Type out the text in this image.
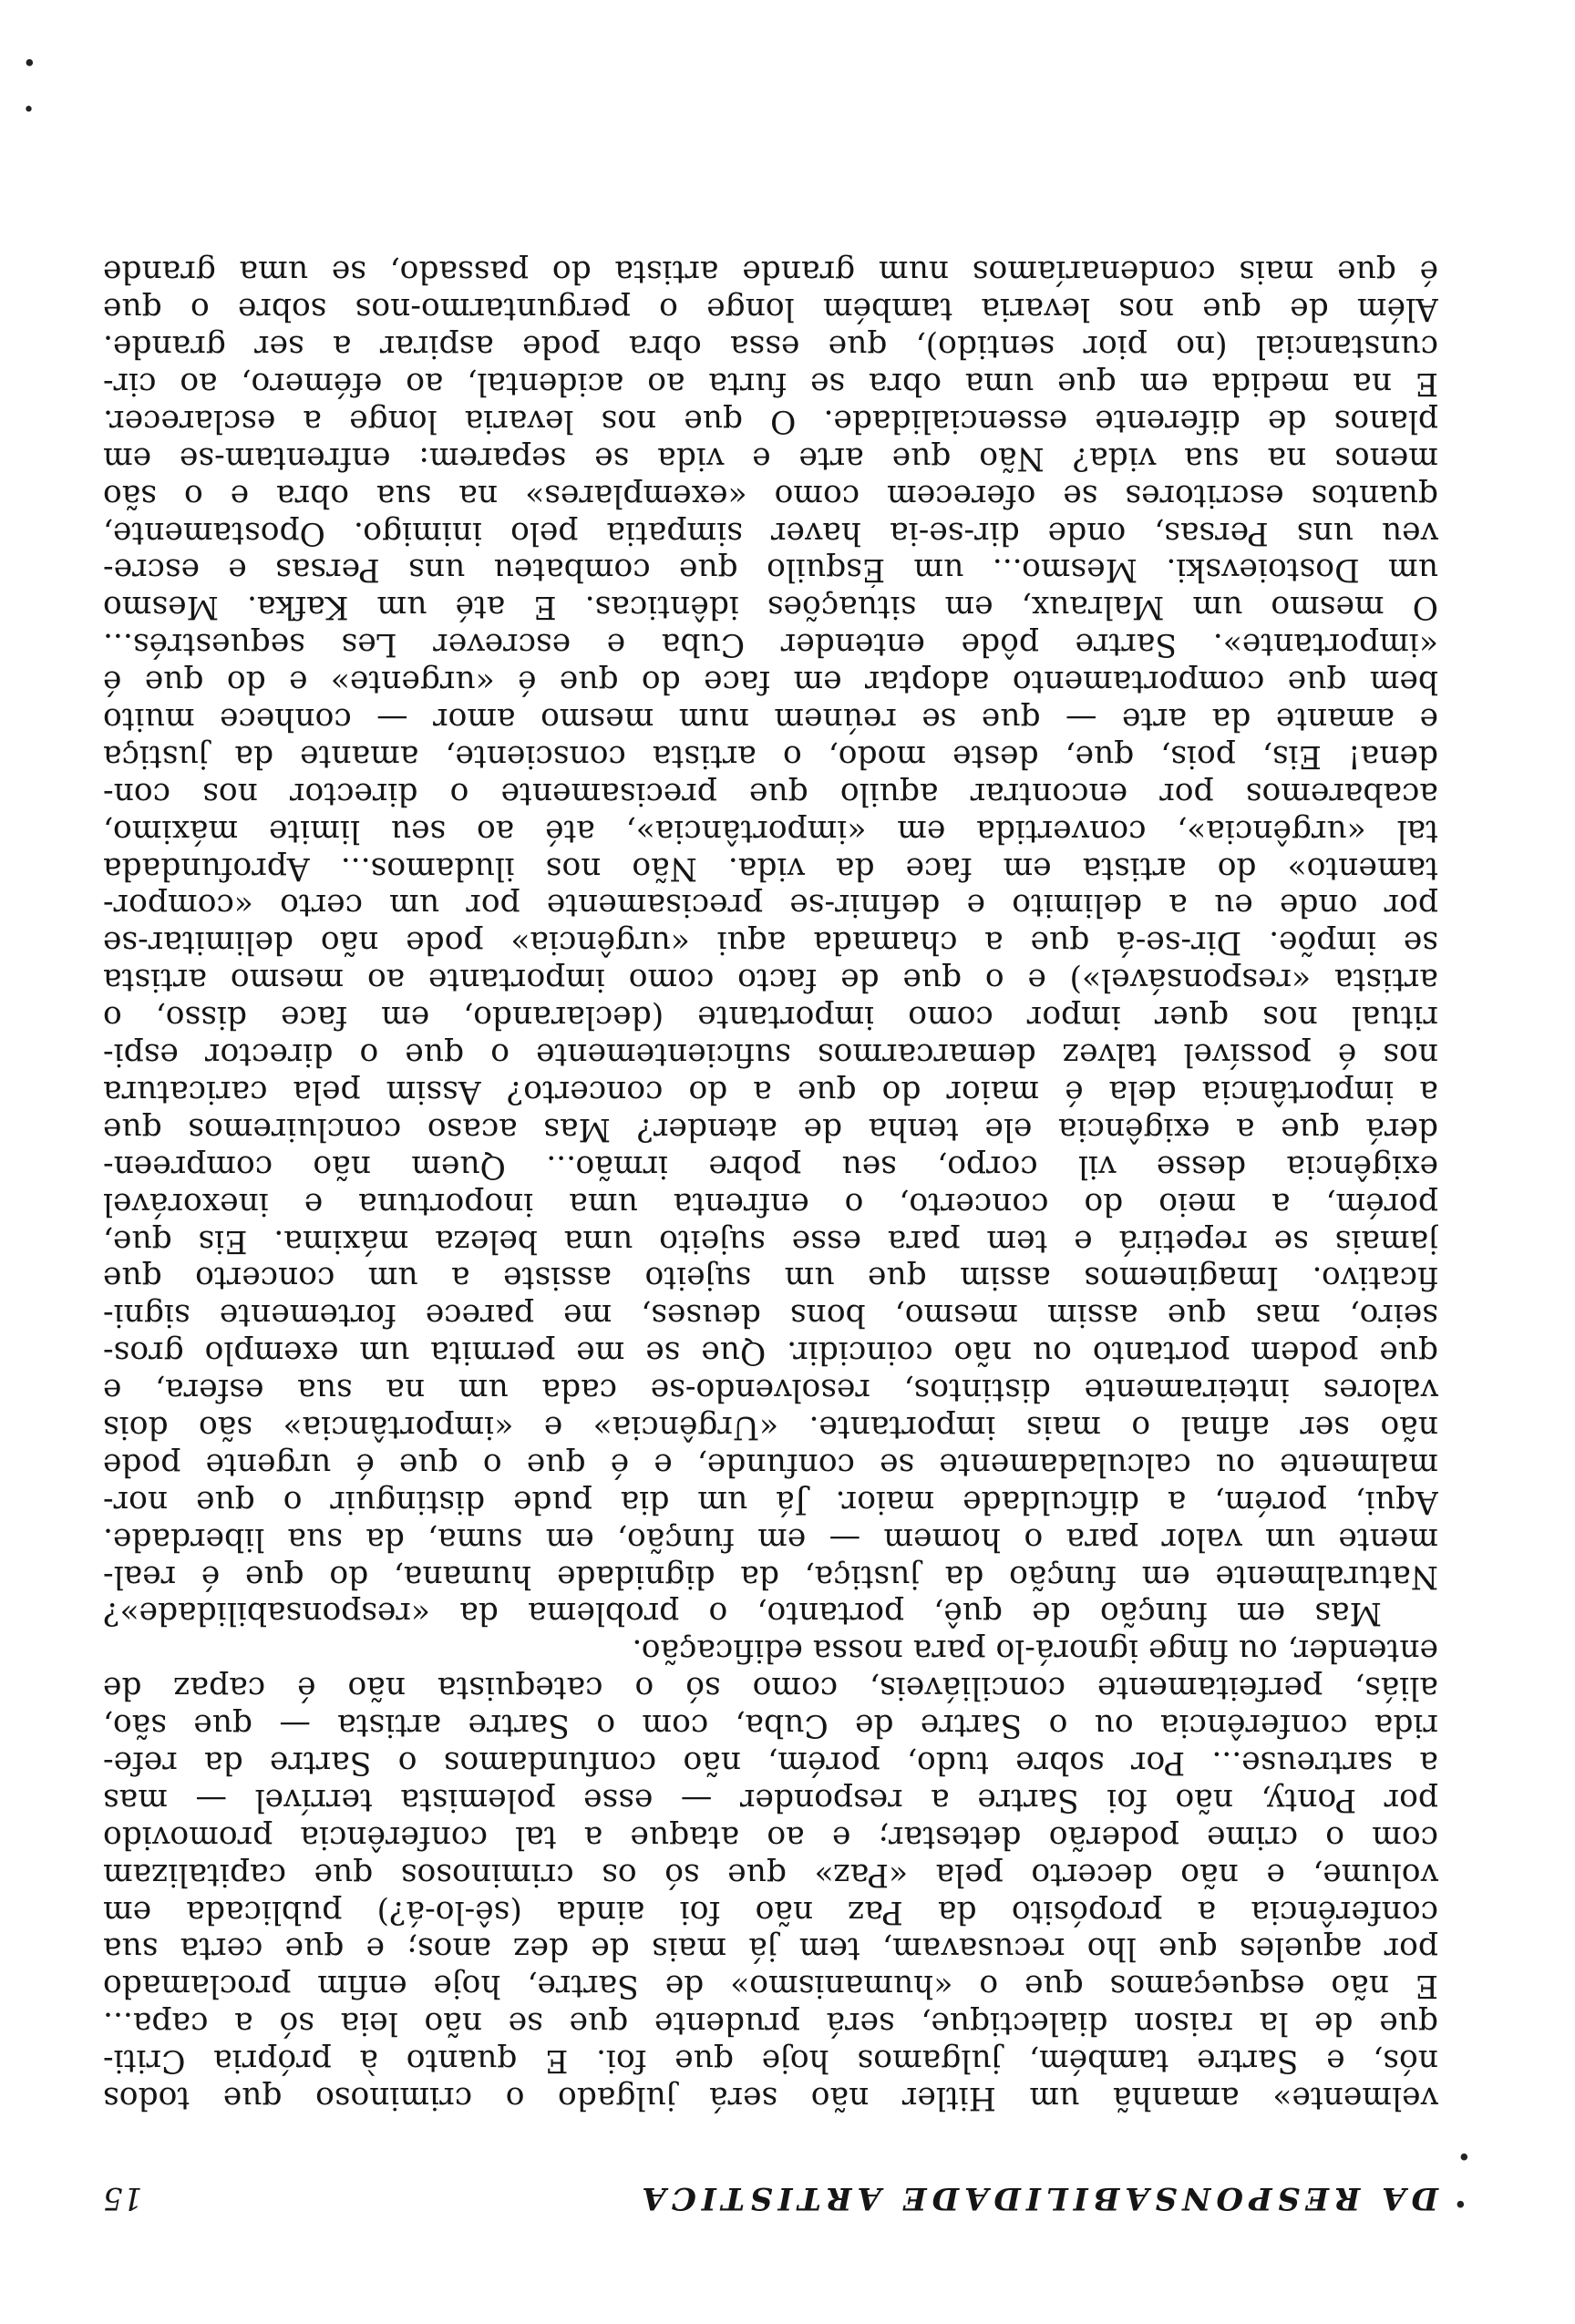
DA RESPONSABILIDADE ARTISTICA
15
velmente» amanhã um Hitler não será julgado o criminoso que todos
nós, e Sartre também, julgamos hoje que foi. E quanto à própria Criti-
que de la raison dialectique, será prudente que se não leia só a capa...
E não esqueçamos que o «humanismo» de Sartre, hoje enfim proclamado
por aqueles que lho recusavam, tem já mais de dez anos; e que certa sua
conferência a propósito da Paz não foi ainda (sê-lo-á?) publicada em
volume, e não decerto pela «Paz» que só os criminosos que capitalizam
com o crime poderão detestar; e ao ataque a tal conferência promovido
por Ponty, não foi Sartre a responder — esse polemista terrível — mas
a sartreuse... Por sobre tudo, porém, não confundamos o Sartre da refe-
rida conferência ou o Sartre de Cuba, com o Sartre artista — que são,
aliás, perfeitamente conciliáveis, como só o catequista não é capaz de
entender, ou finge ignorá-lo para nossa edificação.
Mas em função de quê, portanto, o problema da «responsabilidade»?
Naturalmente em função da justiça, da dignidade humana, do que é real-
mente um valor para o homem — em função, em suma, da sua liberdade.
Aqui, porém, a dificuldade maior. Já um dia pude distinguir o que nor-
malmente ou calculadamente se confunde, e é que o que é urgente pode
não ser afinal o mais importante. «Urgência» e «importância» são dois
valores inteiramente distintos, resolvendo-se cada um na sua esfera, e
que podem portanto ou não coincidir. Que se me permita um exemplo gros-
seiro, mas que assim mesmo, bons deuses, me parece fortemente signi-
ficativo. Imaginemos assim que um sujeito assiste a um concerto que
jamais se repetirá e tem para esse sujeito uma beleza máxima. Eis que,
porém, a meio do concerto, o enfrenta uma inoportuna e inexorável
exigência desse vil corpo, seu pobre irmão... Quem não compreen-
derá que a exigência ele tenha de atender? Mas acaso concluiremos que
a importância dela é maior do que a do concerto? Assim pela caricatura
nos é possível talvez demarcarmos suficientemente o que o director espi-
ritual nos quer impor como importante (declarando, em face disso, o
artista «responsável») e o que de facto como importante ao mesmo artista
se impõe. Dir-se-á que a chamada aqui «urgência» pode não delimitar-se
por onde eu a delimito e definir-se precisamente por um certo «compor-
tamento» do artista em face da vida. Não nos iludamos... Aprofundada
tal «urgência», convertida em «importância», até ao seu limite máximo,
acabaremos por encontrar aquilo que precisamente o director nos con-
dena! Eis, pois, que, deste modo, o artista consciente, amante da justiça
e amante da arte — que se reúnem num mesmo amor — conhece muito
bem que comportamento adoptar em face do que é «urgente» e do que é
«importante». Sartre pôde entender Cuba e escrever Les sequestrés...
O mesmo um Malraux, em situações idênticas. E até um Kafka. Mesmo
um Dostoievski. Mesmo... um Ésquilo que combateu uns Persas e escre-
veu uns Persas, onde dir-se-ia haver simpatia pelo inimigo. Opostamente,
quantos escritores se oferecem como «exemplares» na sua obra e o são
menos na sua vida? Não que arte e vida se separem: enfrentam-se em
planos de diferente essencialidade. O que nos levaria longe a esclarecer.
E na medida em que uma obra se furta ao acidental, ao efémero, ao cir-
cunstancial (no pior sentido), que essa obra pode aspirar a ser grande.
Além de que nos levaria também longe o perguntarmo-nos sobre o que
é que mais condenaríamos num grande artista do passado, se uma grande
•
•
•
•
